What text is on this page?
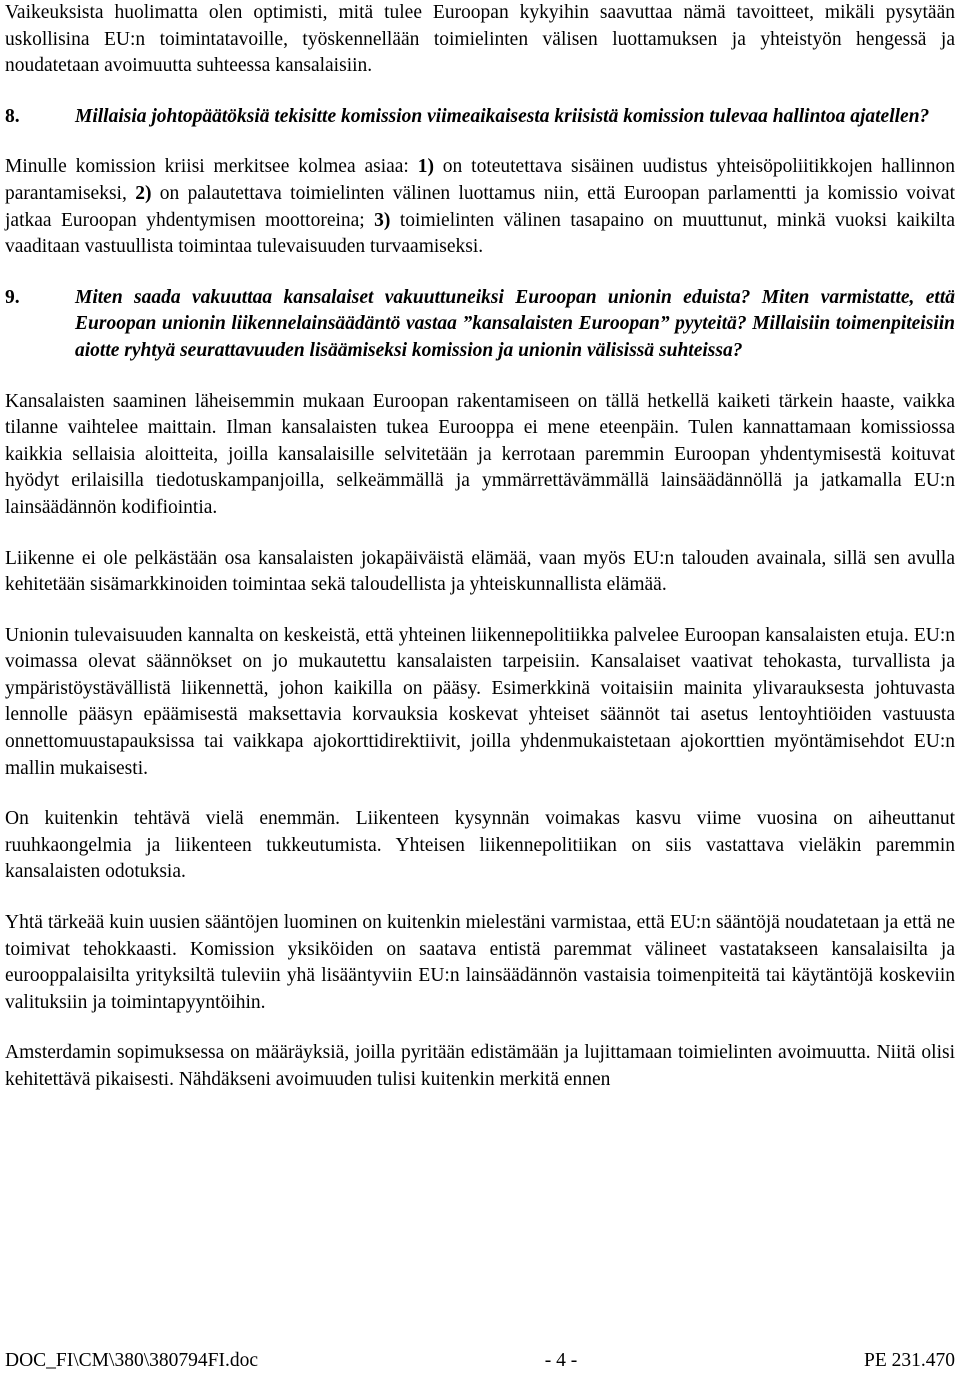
Vaikeuksista huolimatta olen optimisti, mitä tulee Euroopan kykyihin saavuttaa nämä tavoitteet, mikäli pysytään uskollisina EU:n toimintatavoille, työskennellään toimielinten välisen luottamuksen ja yhteistyön hengessä ja noudatetaan avoimuutta suhteessa kansalaisiin.

8.	Millaisia johtopäätöksiä tekisitte komission viimeaikaisesta kriisistä komission tulevaa hallintoa ajatellen?

Minulle komission kriisi merkitsee kolmea asiaa: 1) on toteutettava sisäinen uudistus yhteisöpoliitikkojen hallinnon parantamiseksi, 2) on palautettava toimielinten välinen luottamus niin, että Euroopan parlamentti ja komissio voivat jatkaa Euroopan yhdentymisen moottoreina; 3) toimielinten välinen tasapaino on muuttunut, minkä vuoksi kaikilta vaaditaan vastuullista toimintaa tulevaisuuden turvaamiseksi.

9.	Miten saada vakuuttaa kansalaiset vakuuttuneiksi Euroopan unionin eduista? Miten varmistatte, että Euroopan unionin liikennelainsäädäntö vastaa ”kansalaisten Euroopan” pyyteitä? Millaisiin toimenpiteisiin aiotte ryhtyä seurattavuuden lisäämiseksi komission ja unionin välisissä suhteissa?

Kansalaisten saaminen läheisemmin mukaan Euroopan rakentamiseen on tällä hetkellä kaiketi tärkein haaste, vaikka tilanne vaihtelee maittain. Ilman kansalaisten tukea Eurooppa ei mene eteenpäin. Tulen kannattamaan komissiossa kaikkia sellaisia aloitteita, joilla kansalaisille selvitetään ja kerrotaan paremmin Euroopan yhdentymisestä koituvat hyödyt erilaisilla tiedotuskampanjoilla, selkeämmällä ja ymmärrettävämmällä lainsäädännöllä ja jatkamalla EU:n lainsäädännön kodifiointia.

Liikenne ei ole pelkästään osa kansalaisten jokapäiväistä elämää, vaan myös EU:n talouden avainala, sillä sen avulla kehitetään sisämarkkinoiden toimintaa sekä taloudellista ja yhteiskunnallista elämää.

Unionin tulevaisuuden kannalta on keskeistä, että yhteinen liikennepolitiikka palvelee Euroopan kansalaisten etuja. EU:n voimassa olevat säännökset on jo mukautettu kansalaisten tarpeisiin. Kansalaiset vaativat tehokasta, turvallista ja ympäristöystävällistä liikennettä, johon kaikilla on pääsy. Esimerkkinä voitaisiin mainita ylivarauksesta johtuvasta lennolle pääsyn epäämisestä maksettavia korvauksia koskevat yhteiset säännöt tai asetus lentoyhtiöiden vastuusta onnettomuustapauksissa tai vaikkapa ajokorttidirektiivit, joilla yhdenmukaistetaan ajokorttien myöntämisehdot EU:n mallin mukaisesti.

On kuitenkin tehtävä vielä enemmän. Liikenteen kysynnän voimakas kasvu viime vuosina on aiheuttanut ruuhkaongelmia ja liikenteen tukkeutumista. Yhteisen liikennepolitiikan on siis vastattava vieläkin paremmin kansalaisten odotuksia.

Yhtä tärkeää kuin uusien sääntöjen luominen on kuitenkin mielestäni varmistaa, että EU:n sääntöjä noudatetaan ja että ne toimivat tehokkaasti. Komission yksiköiden on saatava entistä paremmat välineet vastatakseen kansalaisilta ja eurooppalaisilta yrityksiltä tuleviin yhä lisääntyviin EU:n lainsäädännön vastaisia toimenpiteitä tai käytäntöjä koskeviin valituksiin ja toimintapyyntöihin.

Amsterdamin sopimuksessa on määräyksiä, joilla pyritään edistämään ja lujittamaan toimielinten avoimuutta. Niitä olisi kehitettävä pikaisesti. Nähdäkseni avoimuuden tulisi kuitenkin merkitä ennen

DOC_FI\CM\380\380794FI.doc	- 4 -	PE 231.470
